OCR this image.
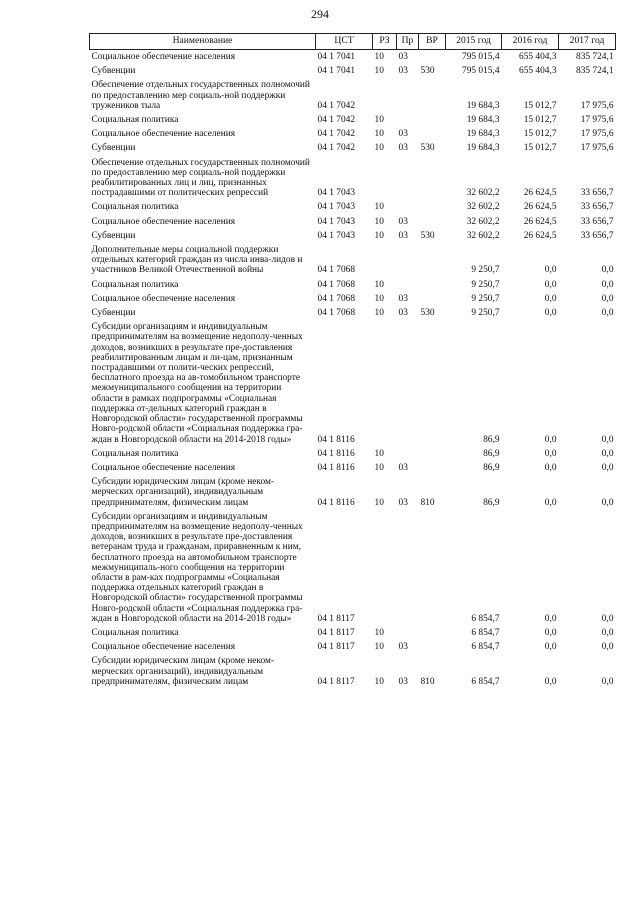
294
Наименование	ЦСТ	РЗ	Пр	ВР	2015 год	2016 год	2017 год
Социальное обеспечение населения	04 1 7041	10	03		795 015,4	655 404,3	835 724,1
Субвенции	04 1 7041	10	03	530	795 015,4	655 404,3	835 724,1
Обеспечение отдельных государственных полномочий по предоставлению мер социаль-ной поддержки тружеников тыла	04 1 7042				19 684,3	15 012,7	17 975,6
Социальная политика	04 1 7042	10			19 684,3	15 012,7	17 975,6
Социальное обеспечение населения	04 1 7042	10	03		19 684,3	15 012,7	17 975,6
Субвенции	04 1 7042	10	03	530	19 684,3	15 012,7	17 975,6
Обеспечение отдельных государственных полномочий по предоставлению мер социаль-ной поддержки реабилитированных лиц и лиц, признанных пострадавшими от политических репрессий	04 1 7043				32 602,2	26 624,5	33 656,7
Социальная политика	04 1 7043	10			32 602,2	26 624,5	33 656,7
Социальное обеспечение населения	04 1 7043	10	03		32 602,2	26 624,5	33 656,7
Субвенции	04 1 7043	10	03	530	32 602,2	26 624,5	33 656,7
Дополнительные меры социальной поддержки отдельных категорий граждан из числа инва-лидов и участников Великой Отечественной войны	04 1 7068				9 250,7	0,0	0,0
Социальная политика	04 1 7068	10			9 250,7	0,0	0,0
Социальное обеспечение населения	04 1 7068	10	03		9 250,7	0,0	0,0
Субвенции	04 1 7068	10	03	530	9 250,7	0,0	0,0
Субсидии организациям и индивидуальным предпринимателям на возмещение недополу-ченных доходов, возникших в результате пре-доставления реабилитированным лицам и ли-цам, признанным пострадавшими от полити-ческих репрессий, бесплатного проезда на ав-томобильном транспорте межмуниципального сообщения на территории области в рамках подпрограммы «Социальная поддержка от-дельных категорий граждан в Новгородской области» государственной программы Новго-родской области «Социальная поддержка гра-ждан в Новгородской области на 2014-2018 годы»	04 1 8116				86,9	0,0	0,0
Социальная политика	04 1 8116	10			86,9	0,0	0,0
Социальное обеспечение населения	04 1 8116	10	03		86,9	0,0	0,0
Субсидии юридическим лицам (кроме неком-мерческих организаций), индивидуальным предпринимателям, физическим лицам	04 1 8116	10	03	810	86,9	0,0	0,0
Субсидии организациям и индивидуальным предпринимателям на возмещение недополу-ченных доходов, возникших в результате пре-доставления ветеранам труда и гражданам, приравненным к ним, бесплатного проезда на автомобильном транспорте межмуниципаль-ного сообщения на территории области в рам-ках подпрограммы «Социальная поддержка отдельных категорий граждан в Новгородской области» государственной программы Новго-родской области «Социальная поддержка гра-ждан в Новгородской области на 2014-2018 годы»	04 1 8117				6 854,7	0,0	0,0
Социальная политика	04 1 8117	10			6 854,7	0,0	0,0
Социальное обеспечение населения	04 1 8117	10	03		6 854,7	0,0	0,0
Субсидии юридическим лицам (кроме неком-мерческих организаций), индивидуальным предпринимателям, физическим лицам	04 1 8117	10	03	810	6 854,7	0,0	0,0
